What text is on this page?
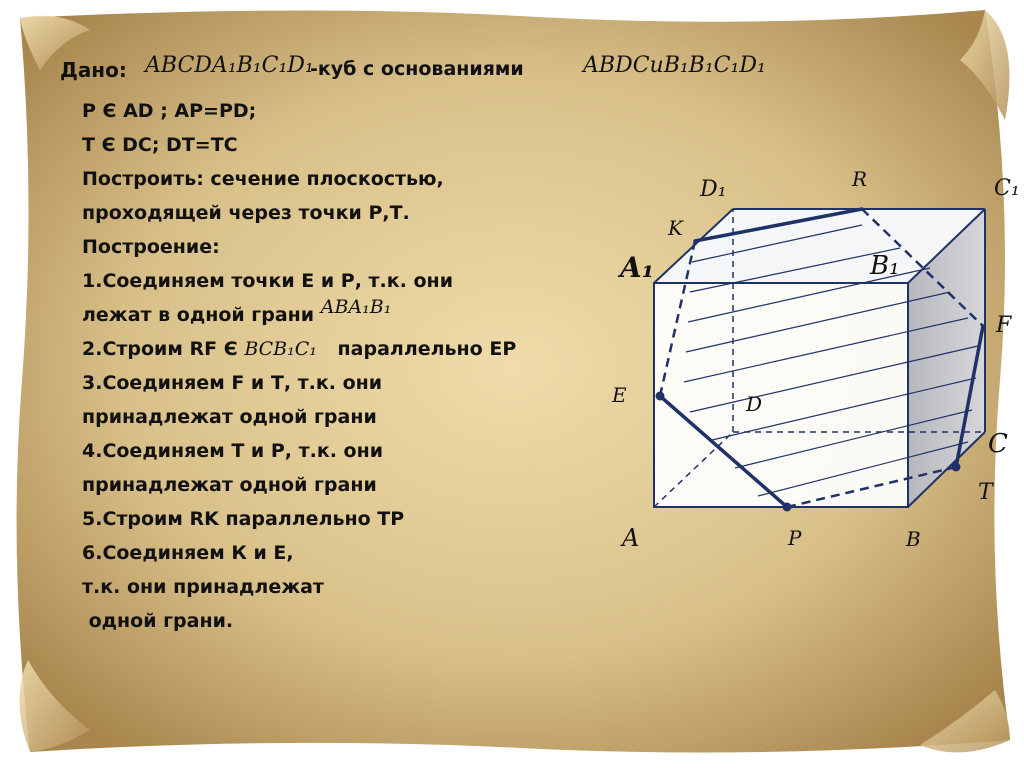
A	B
C
D
A₁	B₁
C₁
D₁
E
P
T
F
R
K
Дано: ABCDA₁B₁C₁D₁
-куб с основаниями	ABDCuB₁B₁C₁D₁

Р Є АD ; АР=РD;

Т Є DC; DТ=ТC

Построить: сечение плоскостью,

проходящей через точки Р,Т.

Построение:

1.Соединяем точки Е и Р, т.к. они

лежат в одной грани ABA₁B₁

2.Строим RF Є BCB₁C₁ параллельно ЕР

3.Соединяем F и Т, т.к. они

принадлежат одной грани

4.Соединяем Т и Р, т.к. они

принадлежат одной грани

5.Строим RK параллельно ТР

6.Соединяем К и Е,

т.к. они принадлежат

одной грани.
